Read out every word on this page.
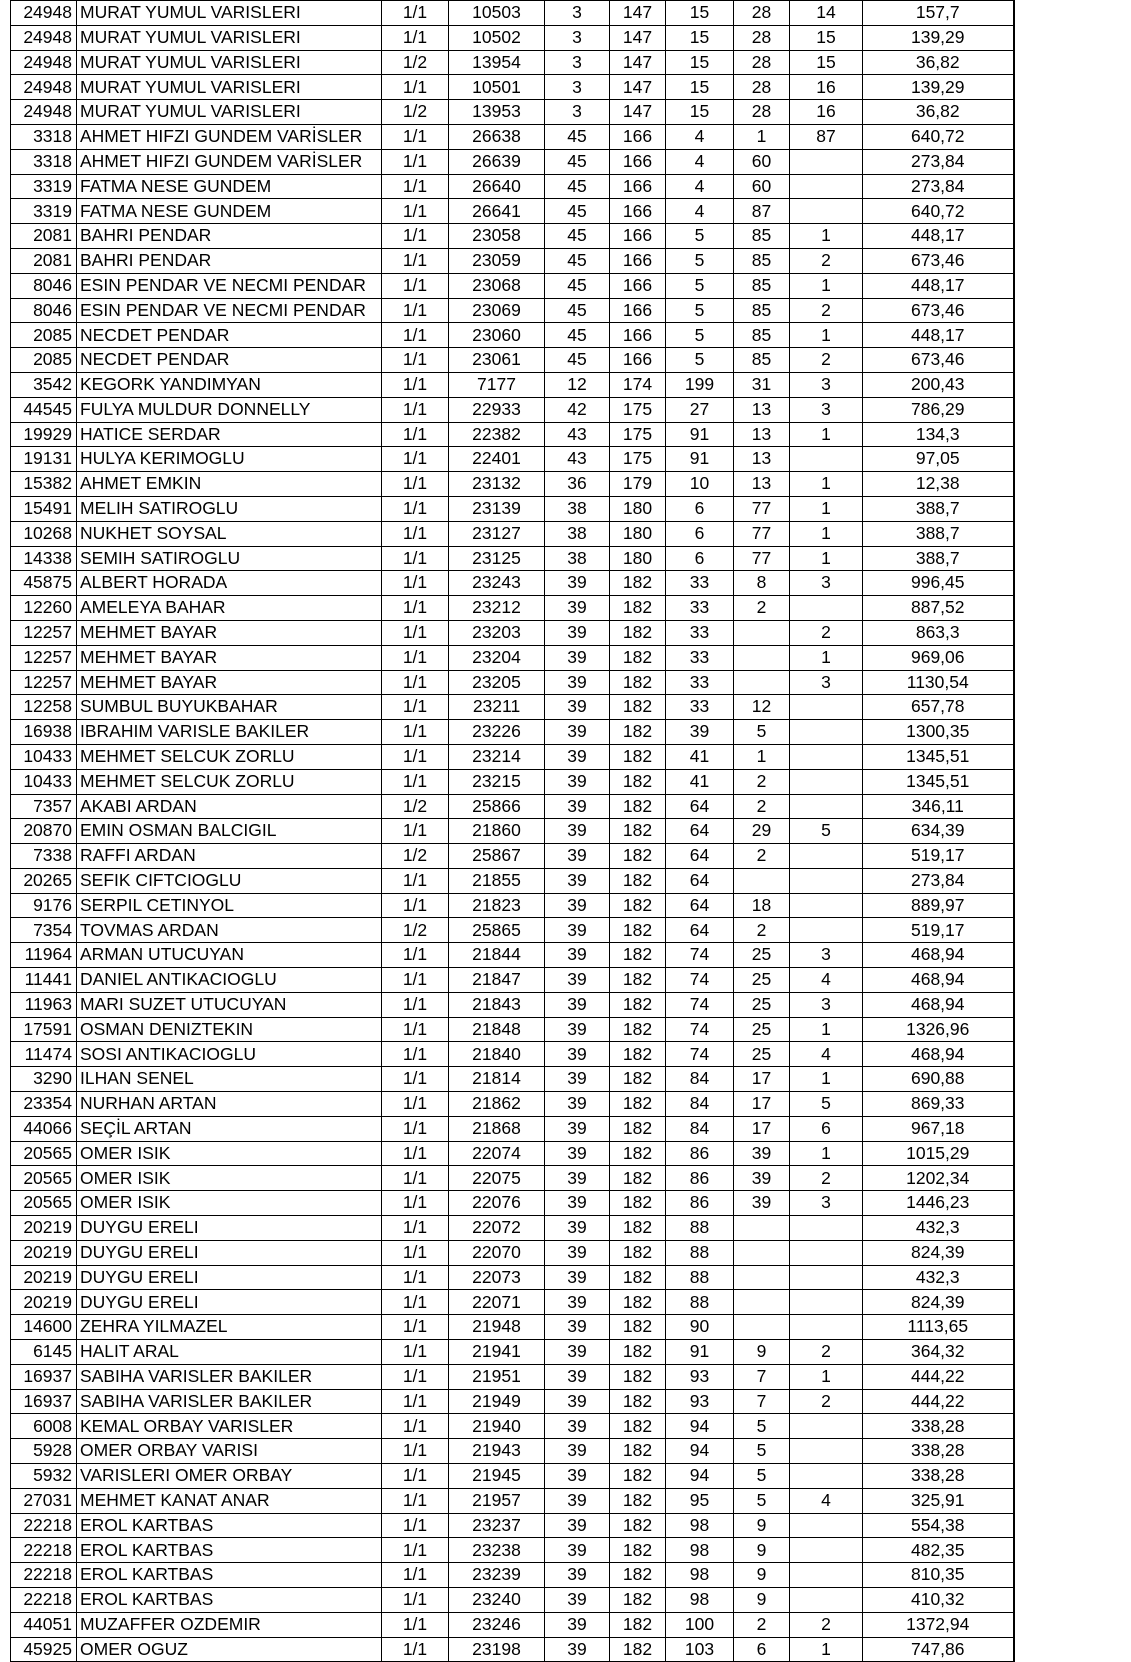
24948	MURAT YUMUL VARISLERI	1/1	10503	3	147	15	28	14	157,7
24948	MURAT YUMUL VARISLERI	1/1	10502	3	147	15	28	15	139,29
24948	MURAT YUMUL VARISLERI	1/2	13954	3	147	15	28	15	36,82
24948	MURAT YUMUL VARISLERI	1/1	10501	3	147	15	28	16	139,29
24948	MURAT YUMUL VARISLERI	1/2	13953	3	147	15	28	16	36,82
3318	AHMET HIFZI GUNDEM VARİSLER	1/1	26638	45	166	4	1	87	640,72
3318	AHMET HIFZI GUNDEM VARİSLER	1/1	26639	45	166	4	60		273,84
3319	FATMA NESE GUNDEM	1/1	26640	45	166	4	60		273,84
3319	FATMA NESE GUNDEM	1/1	26641	45	166	4	87		640,72
2081	BAHRI PENDAR	1/1	23058	45	166	5	85	1	448,17
2081	BAHRI PENDAR	1/1	23059	45	166	5	85	2	673,46
8046	ESIN PENDAR VE NECMI PENDAR	1/1	23068	45	166	5	85	1	448,17
8046	ESIN PENDAR VE NECMI PENDAR	1/1	23069	45	166	5	85	2	673,46
2085	NECDET PENDAR	1/1	23060	45	166	5	85	1	448,17
2085	NECDET PENDAR	1/1	23061	45	166	5	85	2	673,46
3542	KEGORK YANDIMYAN	1/1	7177	12	174	199	31	3	200,43
44545	FULYA MULDUR DONNELLY	1/1	22933	42	175	27	13	3	786,29
19929	HATICE SERDAR	1/1	22382	43	175	91	13	1	134,3
19131	HULYA KERIMOGLU	1/1	22401	43	175	91	13		97,05
15382	AHMET EMKIN	1/1	23132	36	179	10	13	1	12,38
15491	MELIH SATIROGLU	1/1	23139	38	180	6	77	1	388,7
10268	NUKHET SOYSAL	1/1	23127	38	180	6	77	1	388,7
14338	SEMIH SATIROGLU	1/1	23125	38	180	6	77	1	388,7
45875	ALBERT HORADA	1/1	23243	39	182	33	8	3	996,45
12260	AMELEYA BAHAR	1/1	23212	39	182	33	2		887,52
12257	MEHMET BAYAR	1/1	23203	39	182	33		2	863,3
12257	MEHMET BAYAR	1/1	23204	39	182	33		1	969,06
12257	MEHMET BAYAR	1/1	23205	39	182	33		3	1130,54
12258	SUMBUL BUYUKBAHAR	1/1	23211	39	182	33	12		657,78
16938	IBRAHIM VARISLE BAKILER	1/1	23226	39	182	39	5		1300,35
10433	MEHMET SELCUK ZORLU	1/1	23214	39	182	41	1		1345,51
10433	MEHMET SELCUK ZORLU	1/1	23215	39	182	41	2		1345,51
7357	AKABI ARDAN	1/2	25866	39	182	64	2		346,11
20870	EMIN OSMAN BALCIGIL	1/1	21860	39	182	64	29	5	634,39
7338	RAFFI ARDAN	1/2	25867	39	182	64	2		519,17
20265	SEFIK CIFTCIOGLU	1/1	21855	39	182	64			273,84
9176	SERPIL CETINYOL	1/1	21823	39	182	64	18		889,97
7354	TOVMAS ARDAN	1/2	25865	39	182	64	2		519,17
11964	ARMAN UTUCUYAN	1/1	21844	39	182	74	25	3	468,94
11441	DANIEL ANTIKACIOGLU	1/1	21847	39	182	74	25	4	468,94
11963	MARI SUZET UTUCUYAN	1/1	21843	39	182	74	25	3	468,94
17591	OSMAN DENIZTEKIN	1/1	21848	39	182	74	25	1	1326,96
11474	SOSI ANTIKACIOGLU	1/1	21840	39	182	74	25	4	468,94
3290	ILHAN SENEL	1/1	21814	39	182	84	17	1	690,88
23354	NURHAN ARTAN	1/1	21862	39	182	84	17	5	869,33
44066	SEÇİL ARTAN	1/1	21868	39	182	84	17	6	967,18
20565	OMER ISIK	1/1	22074	39	182	86	39	1	1015,29
20565	OMER ISIK	1/1	22075	39	182	86	39	2	1202,34
20565	OMER ISIK	1/1	22076	39	182	86	39	3	1446,23
20219	DUYGU ERELI	1/1	22072	39	182	88			432,3
20219	DUYGU ERELI	1/1	22070	39	182	88			824,39
20219	DUYGU ERELI	1/1	22073	39	182	88			432,3
20219	DUYGU ERELI	1/1	22071	39	182	88			824,39
14600	ZEHRA YILMAZEL	1/1	21948	39	182	90			1113,65
6145	HALIT ARAL	1/1	21941	39	182	91	9	2	364,32
16937	SABIHA VARISLER BAKILER	1/1	21951	39	182	93	7	1	444,22
16937	SABIHA VARISLER BAKILER	1/1	21949	39	182	93	7	2	444,22
6008	KEMAL ORBAY VARISLER	1/1	21940	39	182	94	5		338,28
5928	OMER ORBAY VARISI	1/1	21943	39	182	94	5		338,28
5932	VARISLERI OMER ORBAY	1/1	21945	39	182	94	5		338,28
27031	MEHMET KANAT ANAR	1/1	21957	39	182	95	5	4	325,91
22218	EROL KARTBAS	1/1	23237	39	182	98	9		554,38
22218	EROL KARTBAS	1/1	23238	39	182	98	9		482,35
22218	EROL KARTBAS	1/1	23239	39	182	98	9		810,35
22218	EROL KARTBAS	1/1	23240	39	182	98	9		410,32
44051	MUZAFFER OZDEMIR	1/1	23246	39	182	100	2	2	1372,94
45925	OMER OGUZ	1/1	23198	39	182	103	6	1	747,86
